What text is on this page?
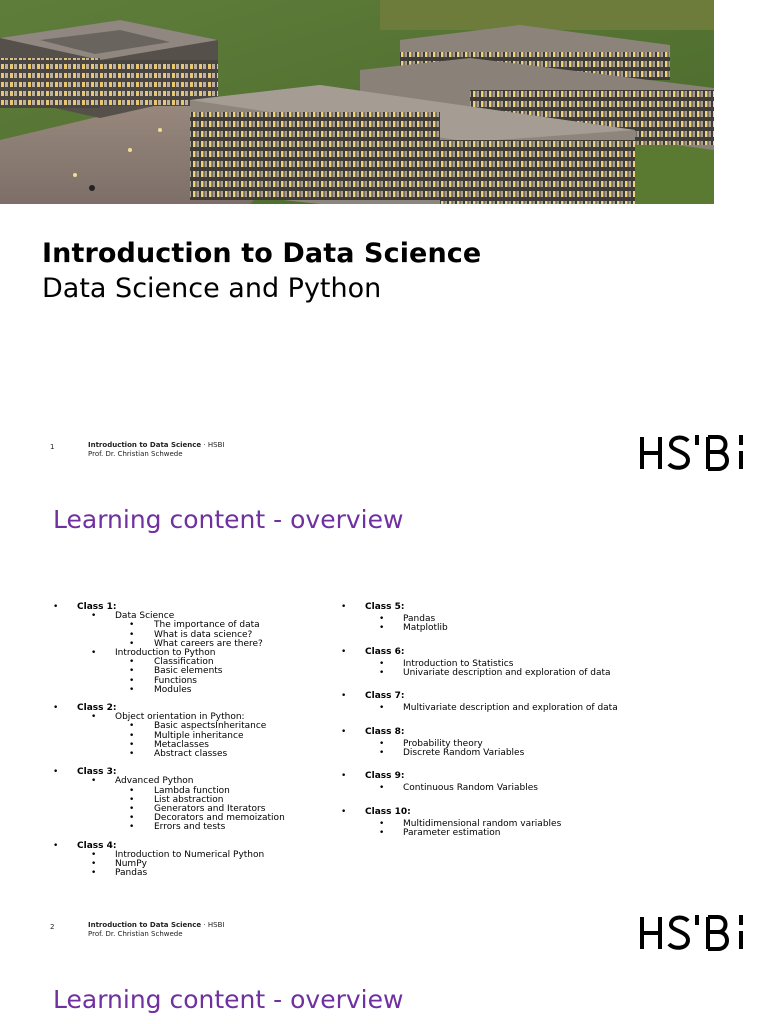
Introduction to Data Science
Data Science and Python
1	Introduction to Data Science · HSBI
Prof. Dr. Christian Schwede
Learning content - overview
• Class 1:
• Data Science
• The importance of data
• What is data science?
• What careers are there?
• Introduction to Python
• Classification
• Basic elements
• Functions
• Modules
• Class 2:
• Object orientation in Python:
• Basic aspectsInheritance
• Multiple inheritance
• Metaclasses
• Abstract classes
• Class 3:
• Advanced Python
• Lambda function
• List abstraction
• Generators and Iterators
• Decorators and memoization
• Errors and tests
• Class 4:
• Introduction to Numerical Python
• NumPy
• Pandas
• Class 5:
• Pandas
• Matplotlib
• Class 6:
• Introduction to Statistics
• Univariate description and exploration of data
• Class 7:
• Multivariate description and exploration of data
• Class 8:
• Probability theory
• Discrete Random Variables
• Class 9:
• Continuous Random Variables
• Class 10:
• Multidimensional random variables
• Parameter estimation
2	Introduction to Data Science · HSBI
Prof. Dr. Christian Schwede
Learning content - overview
